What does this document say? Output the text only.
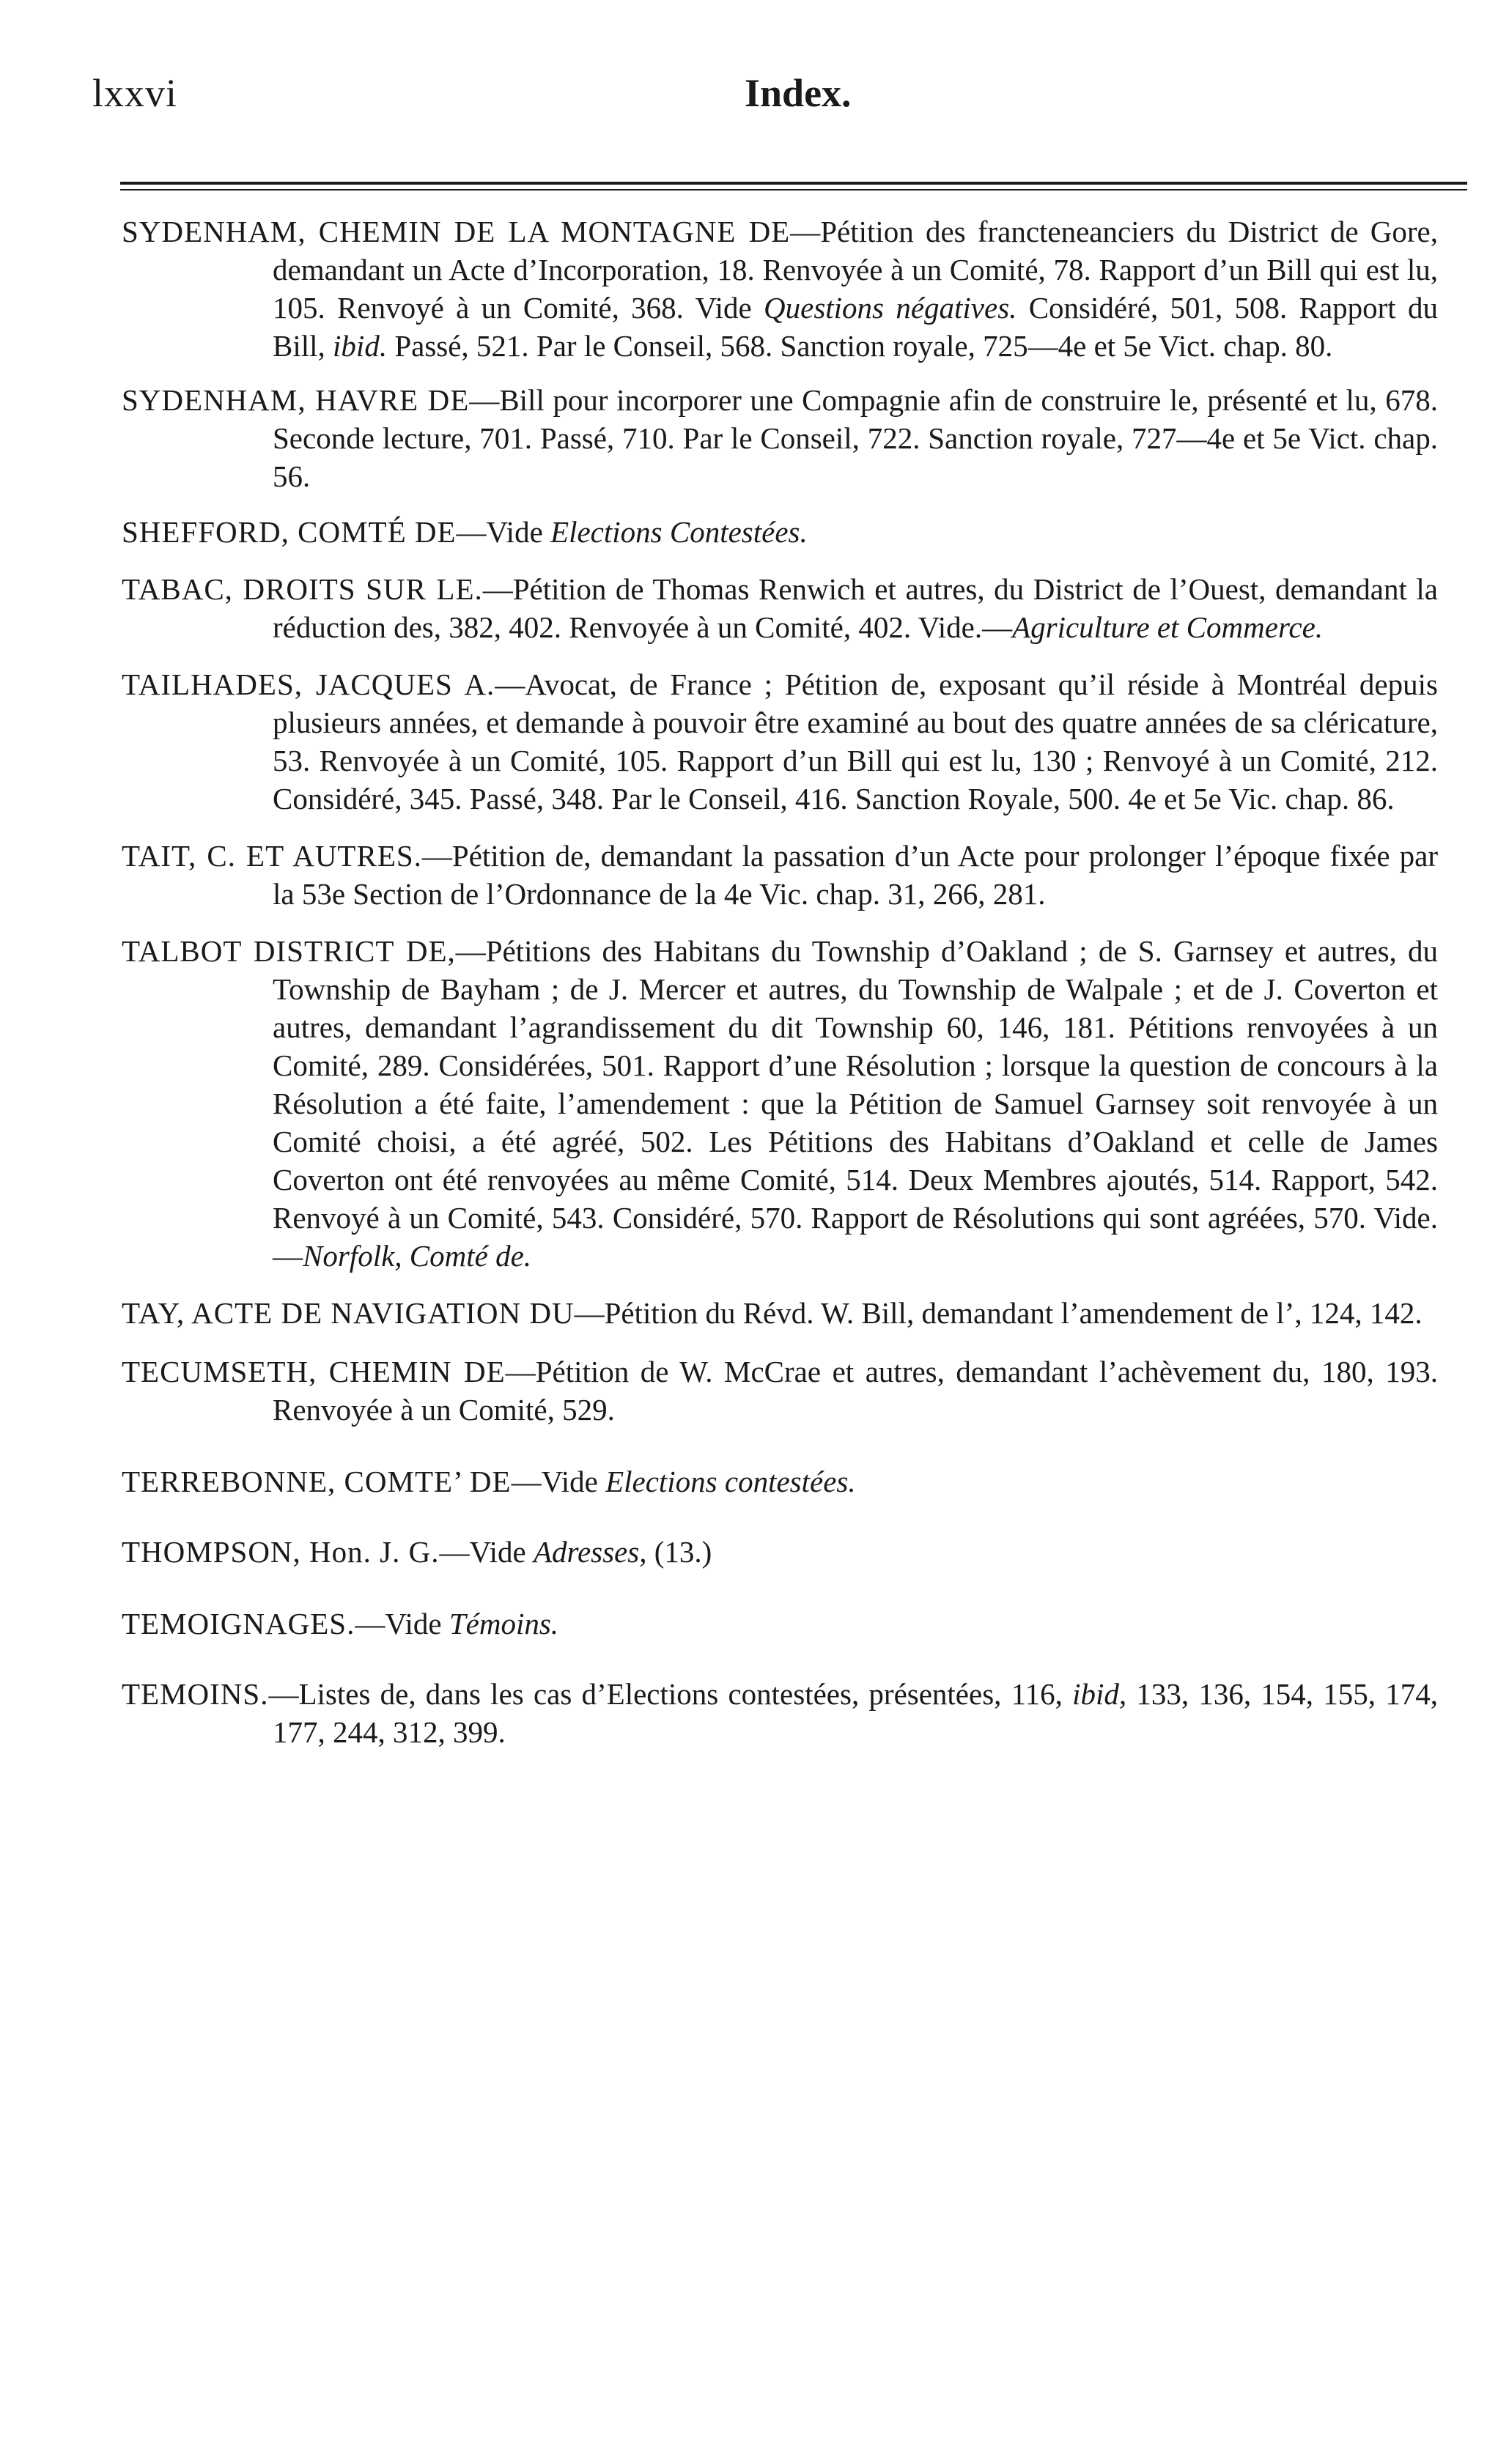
lxxvi	Index.

SYDENHAM, CHEMIN DE LA MONTAGNE DE—Pétition des francteneanciers du District de Gore, demandant un Acte d’Incorporation, 18. Renvoyée à un Comité, 78. Rapport d’un Bill qui est lu, 105. Renvoyé à un Comité, 368. Vide Questions négatives. Considéré, 501, 508. Rapport du Bill, ibid. Passé, 521. Par le Conseil, 568. Sanction royale, 725—4e et 5e Vict. chap. 80.

SYDENHAM, HAVRE DE—Bill pour incorporer une Compagnie afin de construire le, présenté et lu, 678. Seconde lecture, 701. Passé, 710. Par le Conseil, 722. Sanction royale, 727—4e et 5e Vict. chap. 56.

SHEFFORD, COMTÉ DE—Vide Elections Contestées.

TABAC, DROITS SUR LE.—Pétition de Thomas Renwich et autres, du District de l’Ouest, demandant la réduction des, 382, 402. Renvoyée à un Comité, 402. Vide.—Agriculture et Commerce.

TAILHADES, JACQUES A.—Avocat, de France ; Pétition de, exposant qu’il réside à Montréal depuis plusieurs années, et demande à pouvoir être examiné au bout des quatre années de sa cléricature, 53. Renvoyée à un Comité, 105. Rapport d’un Bill qui est lu, 130 ; Renvoyé à un Comité, 212. Considéré, 345. Passé, 348. Par le Conseil, 416. Sanction Royale, 500. 4e et 5e Vic. chap. 86.

TAIT, C. ET AUTRES.—Pétition de, demandant la passation d’un Acte pour prolonger l’époque fixée par la 53e Section de l’Ordonnance de la 4e Vic. chap. 31, 266, 281.

TALBOT DISTRICT DE,—Pétitions des Habitans du Township d’Oakland ; de S. Garnsey et autres, du Township de Bayham ; de J. Mercer et autres, du Township de Walpale ; et de J. Coverton et autres, demandant l’agrandissement du dit Township 60, 146, 181. Pétitions renvoyées à un Comité, 289. Considérées, 501. Rapport d’une Résolution ; lorsque la question de concours à la Résolution a été faite, l’amendement : que la Pétition de Samuel Garnsey soit renvoyée à un Comité choisi, a été agréé, 502. Les Pétitions des Habitans d’Oakland et celle de James Coverton ont été renvoyées au même Comité, 514. Deux Membres ajoutés, 514. Rapport, 542. Renvoyé à un Comité, 543. Considéré, 570. Rapport de Résolutions qui sont agréées, 570. Vide.—Norfolk, Comté de.

TAY, ACTE DE NAVIGATION DU—Pétition du Révd. W. Bill, demandant l’amendement de l’, 124, 142.

TECUMSETH, CHEMIN DE—Pétition de W. McCrae et autres, demandant l’achèvement du, 180, 193. Renvoyée à un Comité, 529.

TERREBONNE, COMTE’ DE—Vide Elections contestées.

THOMPSON, Hon. J. G.—Vide Adresses, (13.)

TEMOIGNAGES.—Vide Témoins.

TEMOINS.—Listes de, dans les cas d’Elections contestées, présentées, 116, ibid, 133, 136, 154, 155, 174, 177, 244, 312, 399.
